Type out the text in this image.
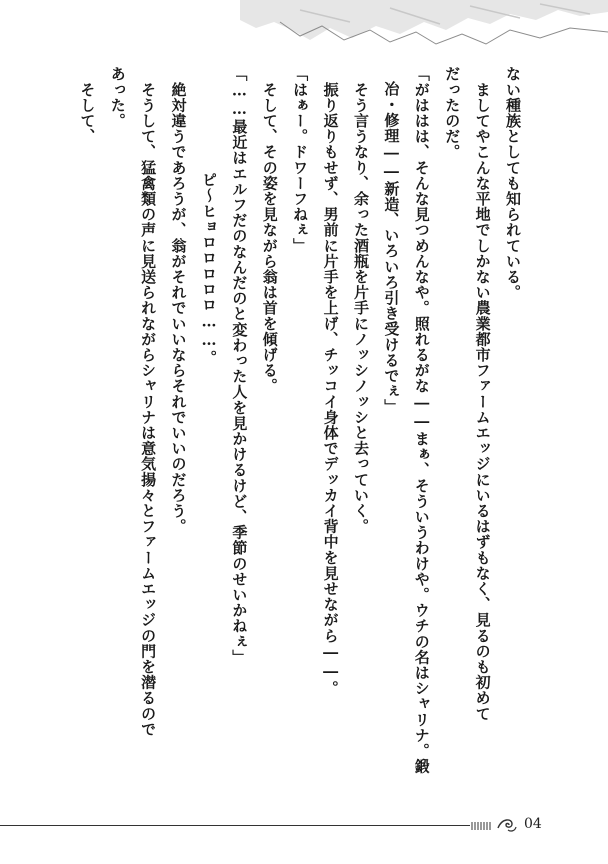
ない種族としても知られている。
　ましてやこんな平地でしかない農業都市ファームエッジにいるはずもなく、見るのも初めて
だったのだ。
「がははは、そんな見つめんなや。照れるがな――まぁ、そういうわけや。ウチの名はシャリナ。鍛
冶・修理――新造、いろいろ引き受けるでぇ」
　そう言うなり、余った酒瓶を片手にノッシノッシと去っていく。
　振り返りもせず、男前に片手を上げ、チッコイ身体でデッカイ背中を見せながら――。
「はぁー。ドワーフねぇ」
　そして、その姿を見ながら翁は首を傾げる。
「……最近はエルフだのなんだのと変わった人を見かけるけど、季節のせいかねぇ」
ピ～ヒョロロロロロ……。
　絶対違うであろうが、翁がそれでいいならそれでいいのだろう。
　そうして、猛禽類の声に見送られながらシャリナは意気揚々とファームエッジの門を潜るので
あった。
　そして、
04
